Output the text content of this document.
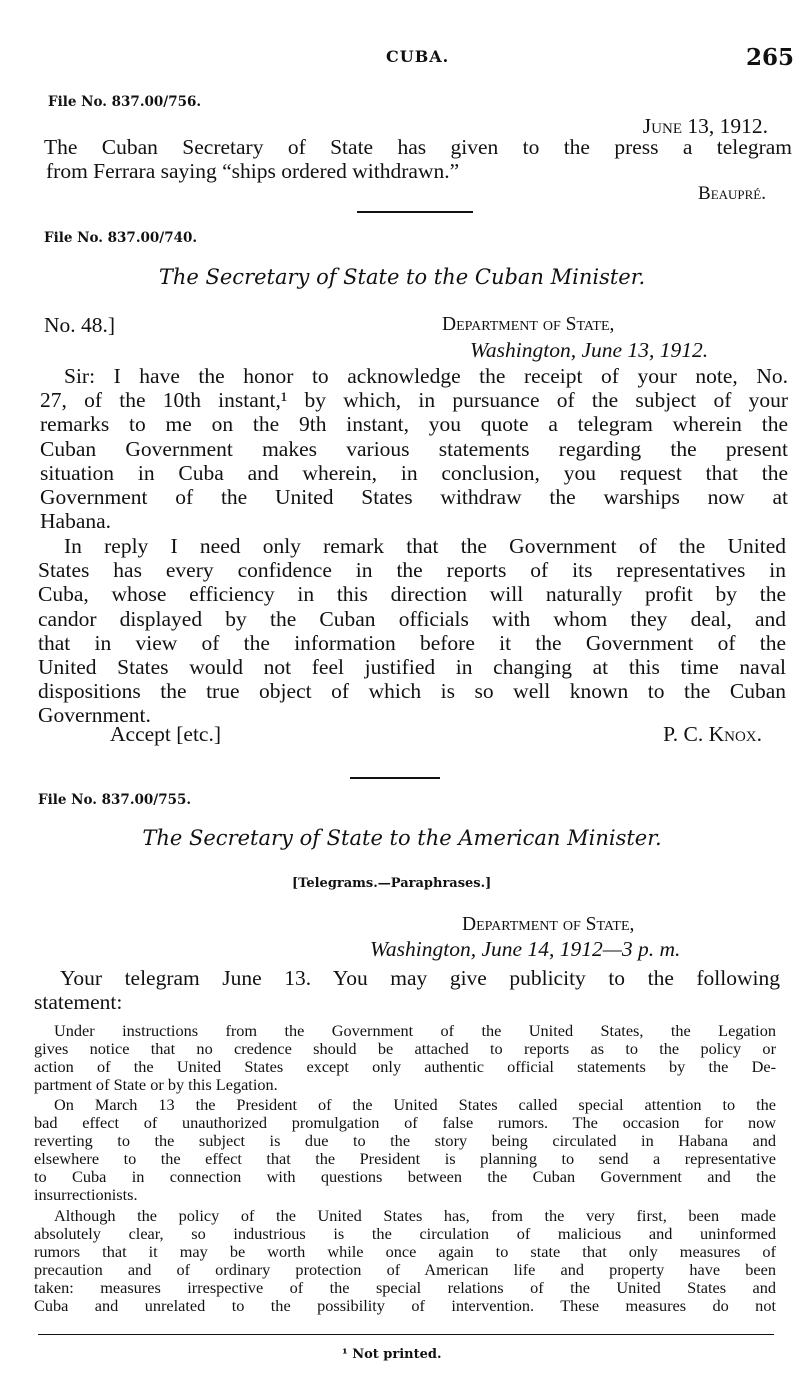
CUBA.	265
File No. 837.00/756.
June 13, 1912.
The Cuban Secretary of State has given to the press a telegram
from Ferrara saying “ships ordered withdrawn.”
Beaupré.
File No. 837.00/740.
The Secretary of State to the Cuban Minister.
No. 48.]	Department of State,
Washington, June 13, 1912.
Sir: I have the honor to acknowledge the receipt of your note, No.
27, of the 10th instant,¹ by which, in pursuance of the subject of your
remarks to me on the 9th instant, you quote a telegram wherein the
Cuban Government makes various statements regarding the present
situation in Cuba and wherein, in conclusion, you request that the
Government of the United States withdraw the warships now at
Habana.
In reply I need only remark that the Government of the United
States has every confidence in the reports of its representatives in
Cuba, whose efficiency in this direction will naturally profit by the
candor displayed by the Cuban officials with whom they deal, and
that in view of the information before it the Government of the
United States would not feel justified in changing at this time naval
dispositions the true object of which is so well known to the Cuban
Government.
Accept [etc.]	P. C. Knox.
File No. 837.00/755.
The Secretary of State to the American Minister.
[Telegrams.—Paraphrases.]
Department of State,
Washington, June 14, 1912—3 p. m.
Your telegram June 13. You may give publicity to the following
statement:
Under instructions from the Government of the United States, the Legation
gives notice that no credence should be attached to reports as to the policy or
action of the United States except only authentic official statements by the De-
partment of State or by this Legation.
On March 13 the President of the United States called special attention to the
bad effect of unauthorized promulgation of false rumors. The occasion for now
reverting to the subject is due to the story being circulated in Habana and
elsewhere to the effect that the President is planning to send a representative
to Cuba in connection with questions between the Cuban Government and the
insurrectionists.
Although the policy of the United States has, from the very first, been made
absolutely clear, so industrious is the circulation of malicious and uninformed
rumors that it may be worth while once again to state that only measures of
precaution and of ordinary protection of American life and property have been
taken: measures irrespective of the special relations of the United States and
Cuba and unrelated to the possibility of intervention. These measures do not
¹ Not printed.
